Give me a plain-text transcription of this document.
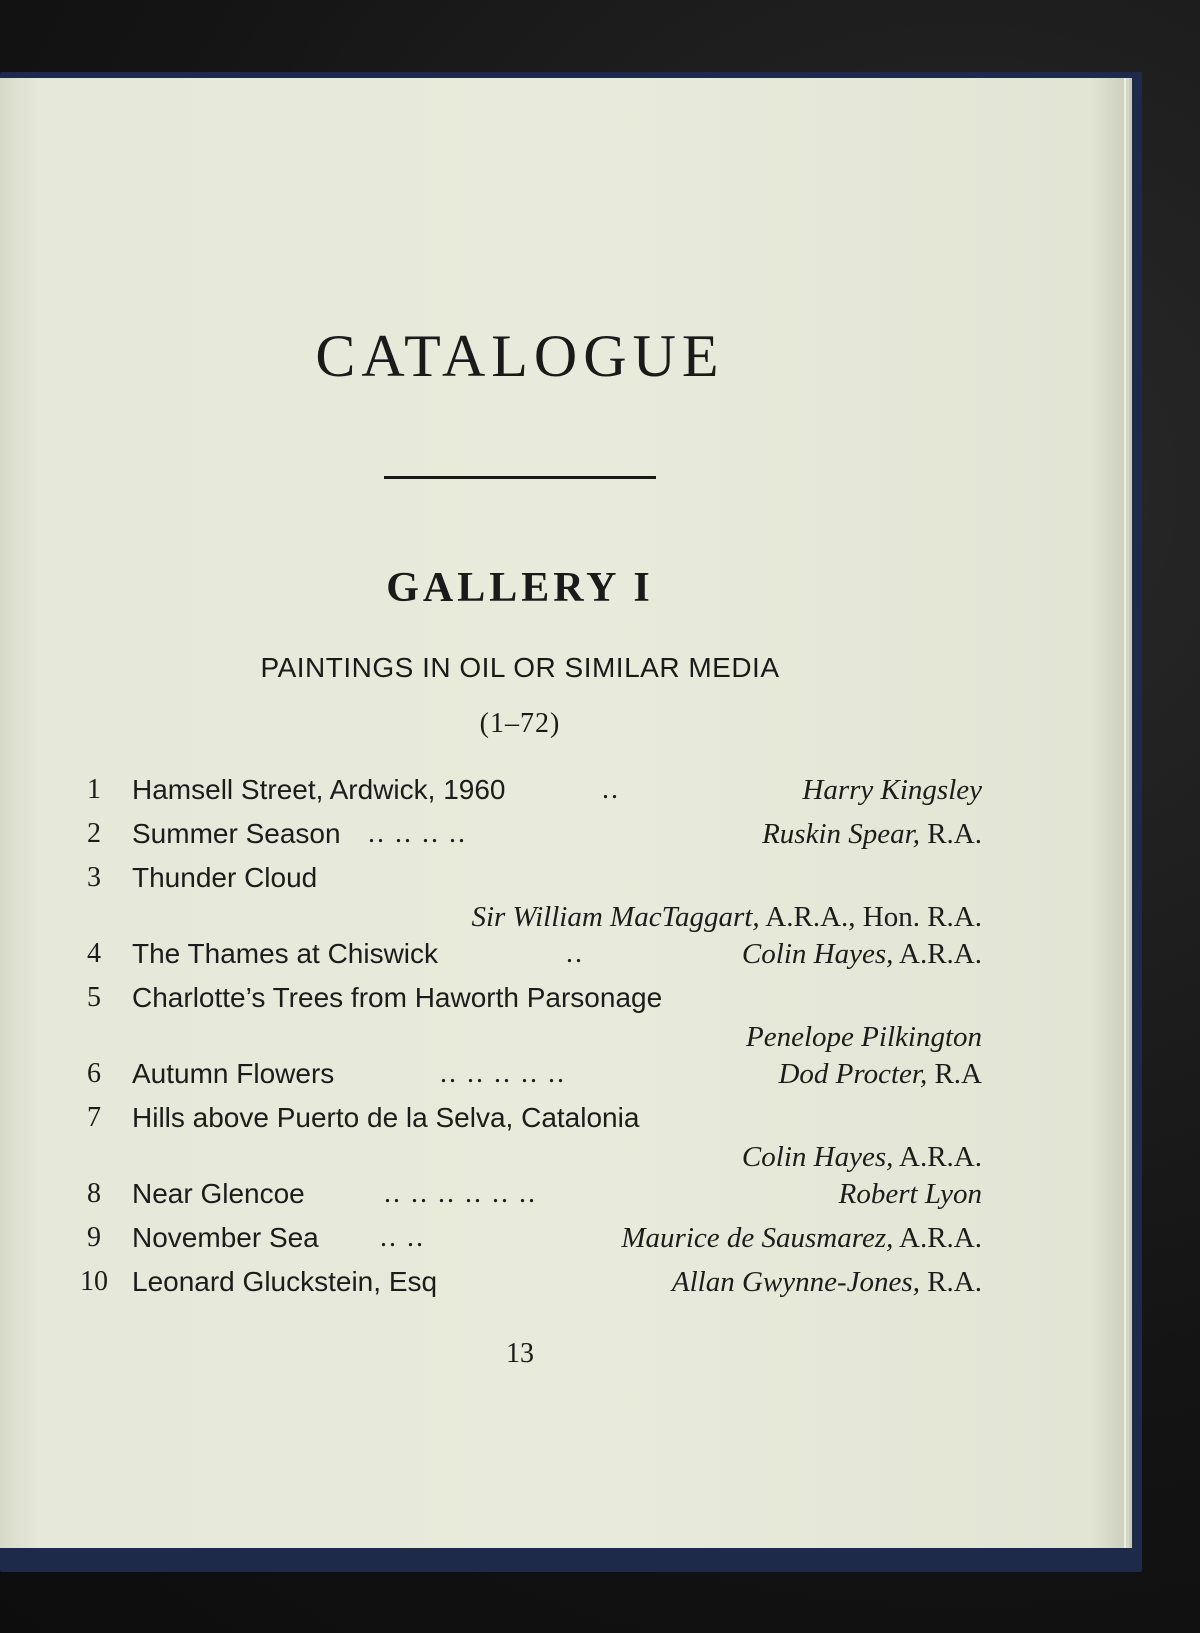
CATALOGUE
GALLERY I
PAINTINGS IN OIL OR SIMILAR MEDIA
(1–72)
1	Hamsell Street, Ardwick, 1960	..	Harry Kingsley
2	Summer Season .. .. .. ..	Ruskin Spear, R.A.
3	Thunder Cloud
Sir William MacTaggart, A.R.A., Hon. R.A.
4	The Thames at Chiswick	..	Colin Hayes, A.R.A.
5	Charlotte’s Trees from Haworth Parsonage
Penelope Pilkington
6	Autumn Flowers	.. .. .. .. ..	Dod Procter, R.A
7	Hills above Puerto de la Selva, Catalonia
Colin Hayes, A.R.A.
8	Near Glencoe	.. .. .. .. .. ..	Robert Lyon
9	November Sea .. ..	Maurice de Sausmarez, A.R.A.
10 Leonard Gluckstein, Esq	Allan Gwynne-Jones, R.A.
13
